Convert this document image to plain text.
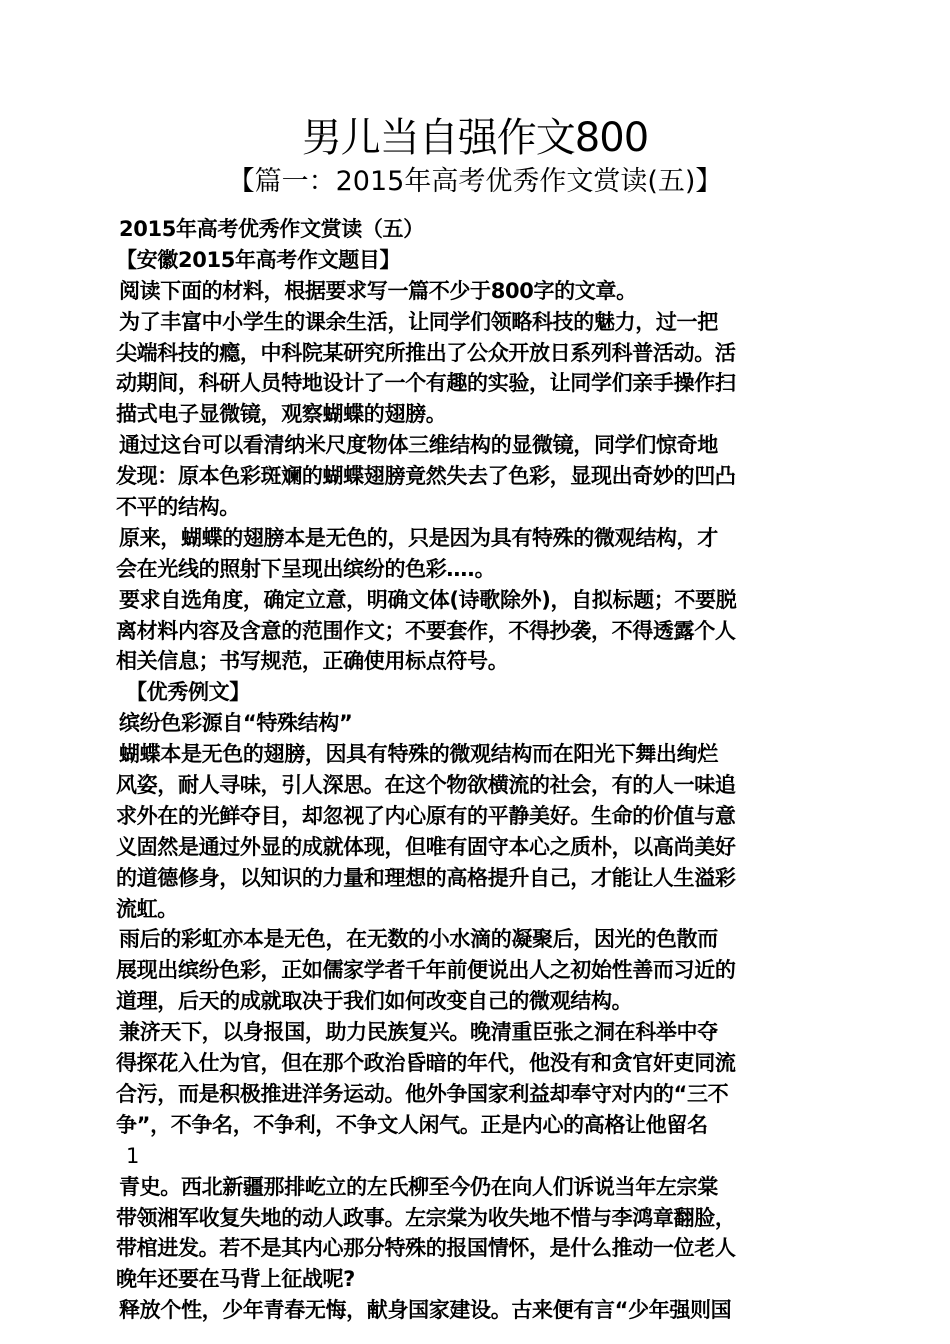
男儿当自强作文800
【篇一：2015年高考优秀作文赏读(五)】
2015年高考优秀作文赏读（五）
【安徽2015年高考作文题目】
阅读下面的材料，根据要求写一篇不少于800字的文章。
为了丰富中小学生的课余生活，让同学们领略科技的魅力，过一把
尖端科技的瘾，中科院某研究所推出了公众开放日系列科普活动。活
动期间，科研人员特地设计了一个有趣的实验，让同学们亲手操作扫
描式电子显微镜，观察蝴蝶的翅膀。
通过这台可以看清纳米尺度物体三维结构的显微镜，同学们惊奇地
发现：原本色彩斑斓的蝴蝶翅膀竟然失去了色彩，显现出奇妙的凹凸
不平的结构。
原来，蝴蝶的翅膀本是无色的，只是因为具有特殊的微观结构，才
会在光线的照射下呈现出缤纷的色彩….。
要求自选角度，确定立意，明确文体(诗歌除外)，自拟标题；不要脱
离材料内容及含意的范围作文；不要套作，不得抄袭，不得透露个人
相关信息；书写规范，正确使用标点符号。
【优秀例文】
缤纷色彩源自“特殊结构”
蝴蝶本是无色的翅膀，因具有特殊的微观结构而在阳光下舞出绚烂
风姿，耐人寻味，引人深思。在这个物欲横流的社会，有的人一味追
求外在的光鲜夺目，却忽视了内心原有的平静美好。生命的价值与意
义固然是通过外显的成就体现，但唯有固守本心之质朴，以高尚美好
的道德修身，以知识的力量和理想的高格提升自己，才能让人生溢彩
流虹。
雨后的彩虹亦本是无色，在无数的小水滴的凝聚后，因光的色散而
展现出缤纷色彩，正如儒家学者千年前便说出人之初始性善而习近的
道理，后天的成就取决于我们如何改变自己的微观结构。
兼济天下，以身报国，助力民族复兴。晚清重臣张之洞在科举中夺
得探花入仕为官，但在那个政治昏暗的年代，他没有和贪官奸吏同流
合污，而是积极推进洋务运动。他外争国家利益却奉守对内的“三不
争”，不争名，不争利，不争文人闲气。正是内心的高格让他留名
1
青史。西北新疆那排屹立的左氏柳至今仍在向人们诉说当年左宗棠
带领湘军收复失地的动人政事。左宗棠为收失地不惜与李鸿章翻脸，
带棺进发。若不是其内心那分特殊的报国情怀，是什么推动一位老人
晚年还要在马背上征战呢?
释放个性，少年青春无悔，献身国家建设。古来便有言“少年强则国
